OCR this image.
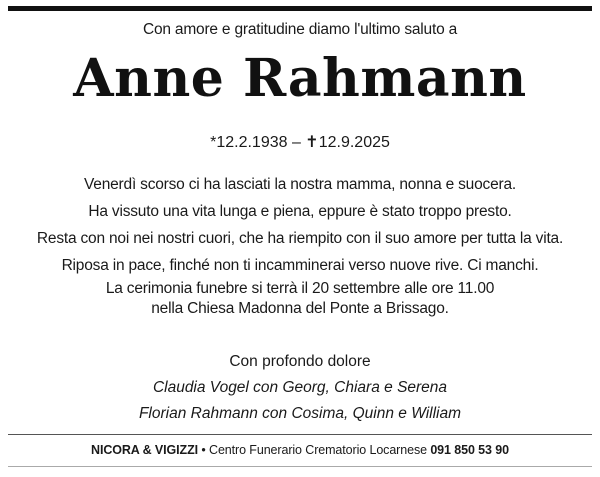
Con amore e gratitudine diamo l'ultimo saluto a
Anne Rahmann
*12.2.1938 – ✝12.9.2025
Venerdì scorso ci ha lasciati la nostra mamma, nonna e suocera.
Ha vissuto una vita lunga e piena, eppure è stato troppo presto.
Resta con noi nei nostri cuori, che ha riempito con il suo amore per tutta la vita.
Riposa in pace, finché non ti incamminerai verso nuove rive. Ci manchi.
La cerimonia funebre si terrà il 20 settembre alle ore 11.00
nella Chiesa Madonna del Ponte a Brissago.
Con profondo dolore
Claudia Vogel con Georg, Chiara e Serena
Florian Rahmann con Cosima, Quinn e William
NICORA & VIGIZZI • Centro Funerario Crematorio Locarnese 091 850 53 90
